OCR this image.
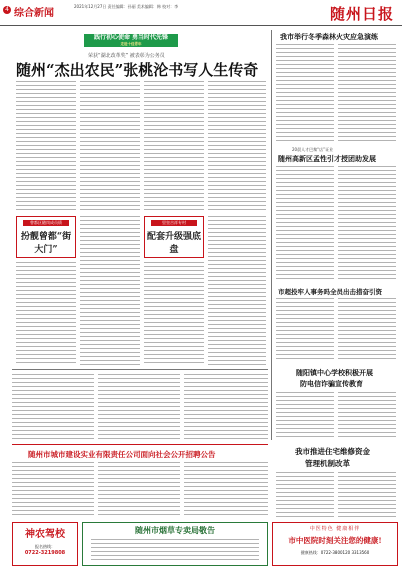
4 综合新闻
2021年12月27日 责任编辑：孙丽 美术编辑：韩 校对：李	随州日报
践行初心使命 勇当时代先锋
走进十佳青年
荣获“湖北改革奖” 被表彰为公务员
随州“杰出农民”张桃沦书写人生传奇
我市举行冬季森林火灾应急演练
20晨人才巴黎“店”证业
随州高新区孟性引才授团助发展
曾都区随岗成员绩
扮靓曾都“街大门”
里皇吉祥专村
配套升级强底盘
市超投牢人事务吗全员出击措奋引资
随阳镇中心学校积极开展
防电信诈骗宣传教育
随州市城市建设实业有限责任公司面向社会公开招聘公告	我市推进住宅维修资金
管理机制改革
神农驾校
报名热线：
0722-3219808
随州市烟草专卖局敬告	中医特色 健康相伴
市中医院时刻关注您的健康!
健康热线：0722-3800120 3313560
